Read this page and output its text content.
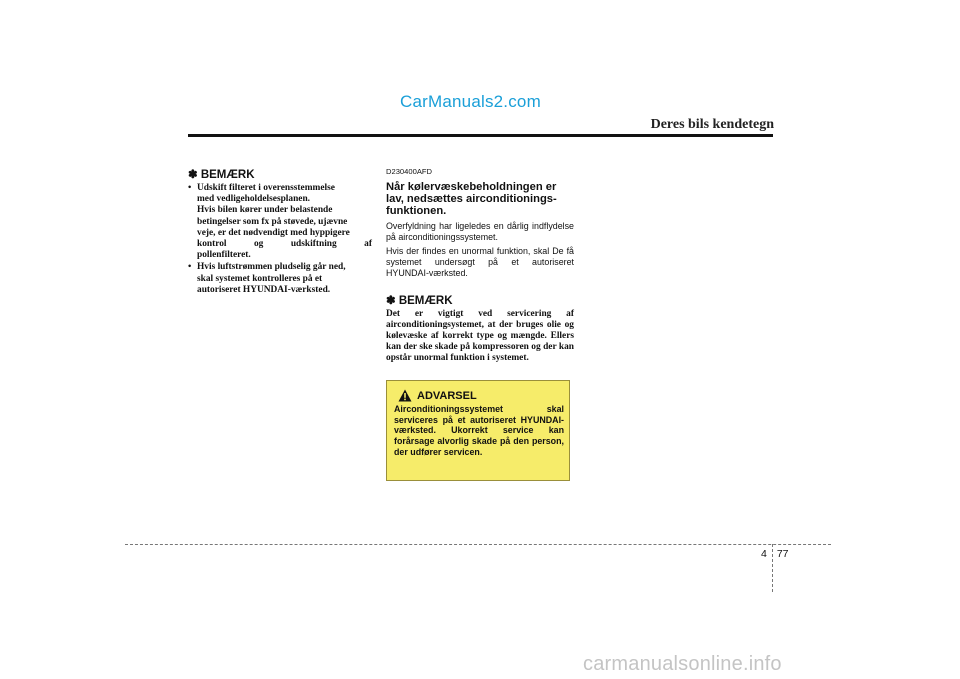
CarManuals2.com
Deres bils kendetegn
✽ BEMÆRK
• Udskift filteret i overensstemmelse
med vedligeholdelsesplanen.
Hvis bilen kører under belastende
betingelser som fx på støvede, ujævne
veje, er det nødvendigt med hyppigere
kontrol og udskiftning af
pollenfilteret.
• Hvis luftstrømmen pludselig går ned,
skal systemet kontrolleres på et
autoriseret HYUNDAI-værksted.
D230400AFD
Når kølervæskebeholdningen er
lav, nedsættes airconditionings-
funktionen.

Overfyldning har ligeledes en dårlig indflydelse på airconditioningssystemet.

Hvis der findes en unormal funktion, skal De få systemet undersøgt på et autoriseret HYUNDAI-værksted.

✽ BEMÆRK

Det er vigtigt ved servicering af airconditioningsystemet, at der bruges olie og kølevæske af korrekt type og mængde. Ellers kan der ske skade på kompressoren og der kan opstår unormal funktion i systemet.

ADVARSEL

Airconditioningssystemet skal serviceres på et autoriseret HYUNDAI-værksted. Ukorrekt service kan forårsage alvorlig skade på den person, der udfører servicen.

4 77
carmanualsonline.info
